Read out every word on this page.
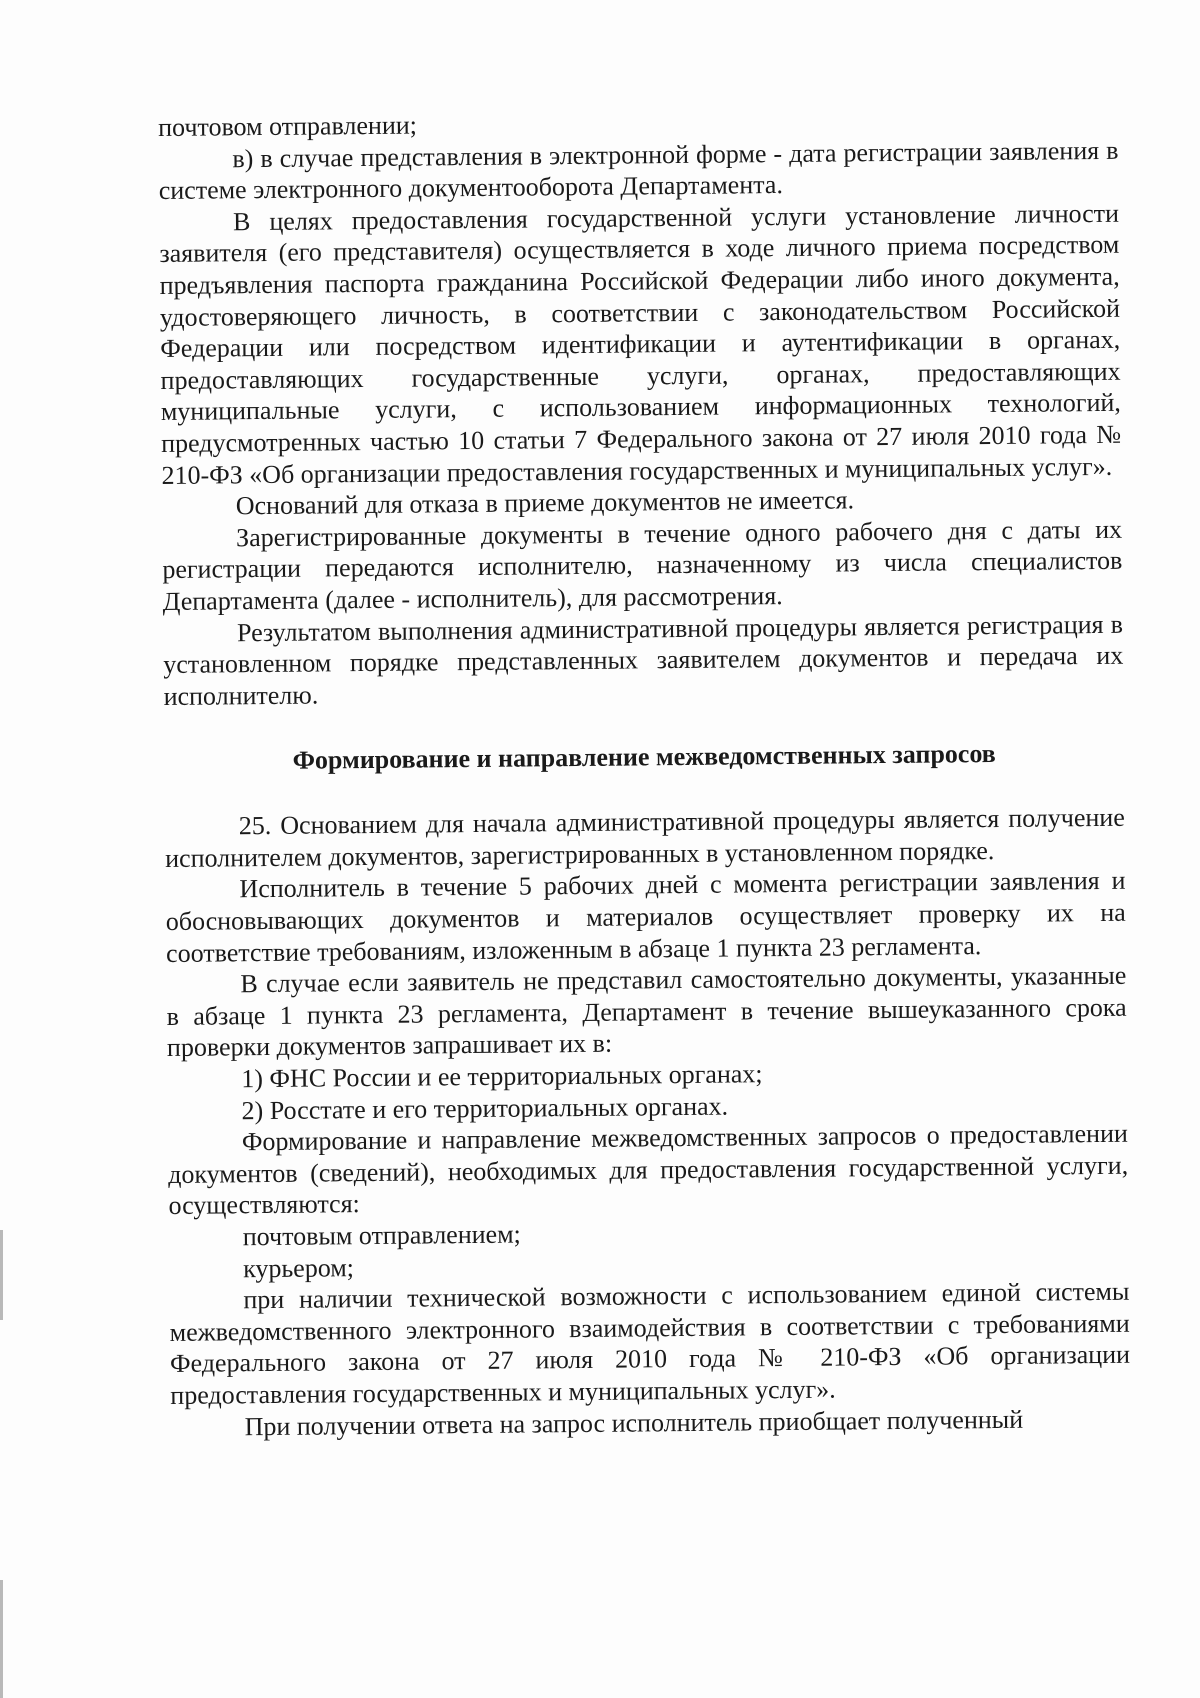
почтовом отправлении;

в) в случае представления в электронной форме - дата регистрации заявления в системе электронного документооборота Департамента.

В целях предоставления государственной услуги установление личности заявителя (его представителя) осуществляется в ходе личного приема посредством предъявления паспорта гражданина Российской Федерации либо иного документа, удостоверяющего личность, в соответствии с законодательством Российской Федерации или посредством идентификации и аутентификации в органах, предоставляющих государственные услуги, органах, предоставляющих муниципальные услуги, с использованием информационных технологий, предусмотренных частью 10 статьи 7 Федерального закона от 27 июля 2010 года № 210-ФЗ «Об организации предоставления государственных и муниципальных услуг».

Оснований для отказа в приеме документов не имеется.

Зарегистрированные документы в течение одного рабочего дня с даты их регистрации передаются исполнителю, назначенному из числа специалистов Департамента (далее - исполнитель), для рассмотрения.

Результатом выполнения административной процедуры является регистрация в установленном порядке представленных заявителем документов и передача их исполнителю.

Формирование и направление межведомственных запросов

25. Основанием для начала административной процедуры является получение исполнителем документов, зарегистрированных в установленном порядке.

Исполнитель в течение 5 рабочих дней с момента регистрации заявления и обосновывающих документов и материалов осуществляет проверку их на соответствие требованиям, изложенным в абзаце 1 пункта 23 регламента.

В случае если заявитель не представил самостоятельно документы, указанные в абзаце 1 пункта 23 регламента, Департамент в течение вышеуказанного срока проверки документов запрашивает их в:

1) ФНС России и ее территориальных органах;

2) Росстате и его территориальных органах.

Формирование и направление межведомственных запросов о предоставлении документов (сведений), необходимых для предоставления государственной услуги, осуществляются:

почтовым отправлением;

курьером;

при наличии технической возможности с использованием единой системы межведомственного электронного взаимодействия в соответствии с требованиями Федерального закона от 27 июля 2010 года № 210-ФЗ «Об организации предоставления государственных и муниципальных услуг».

При получении ответа на запрос исполнитель приобщает полученный
